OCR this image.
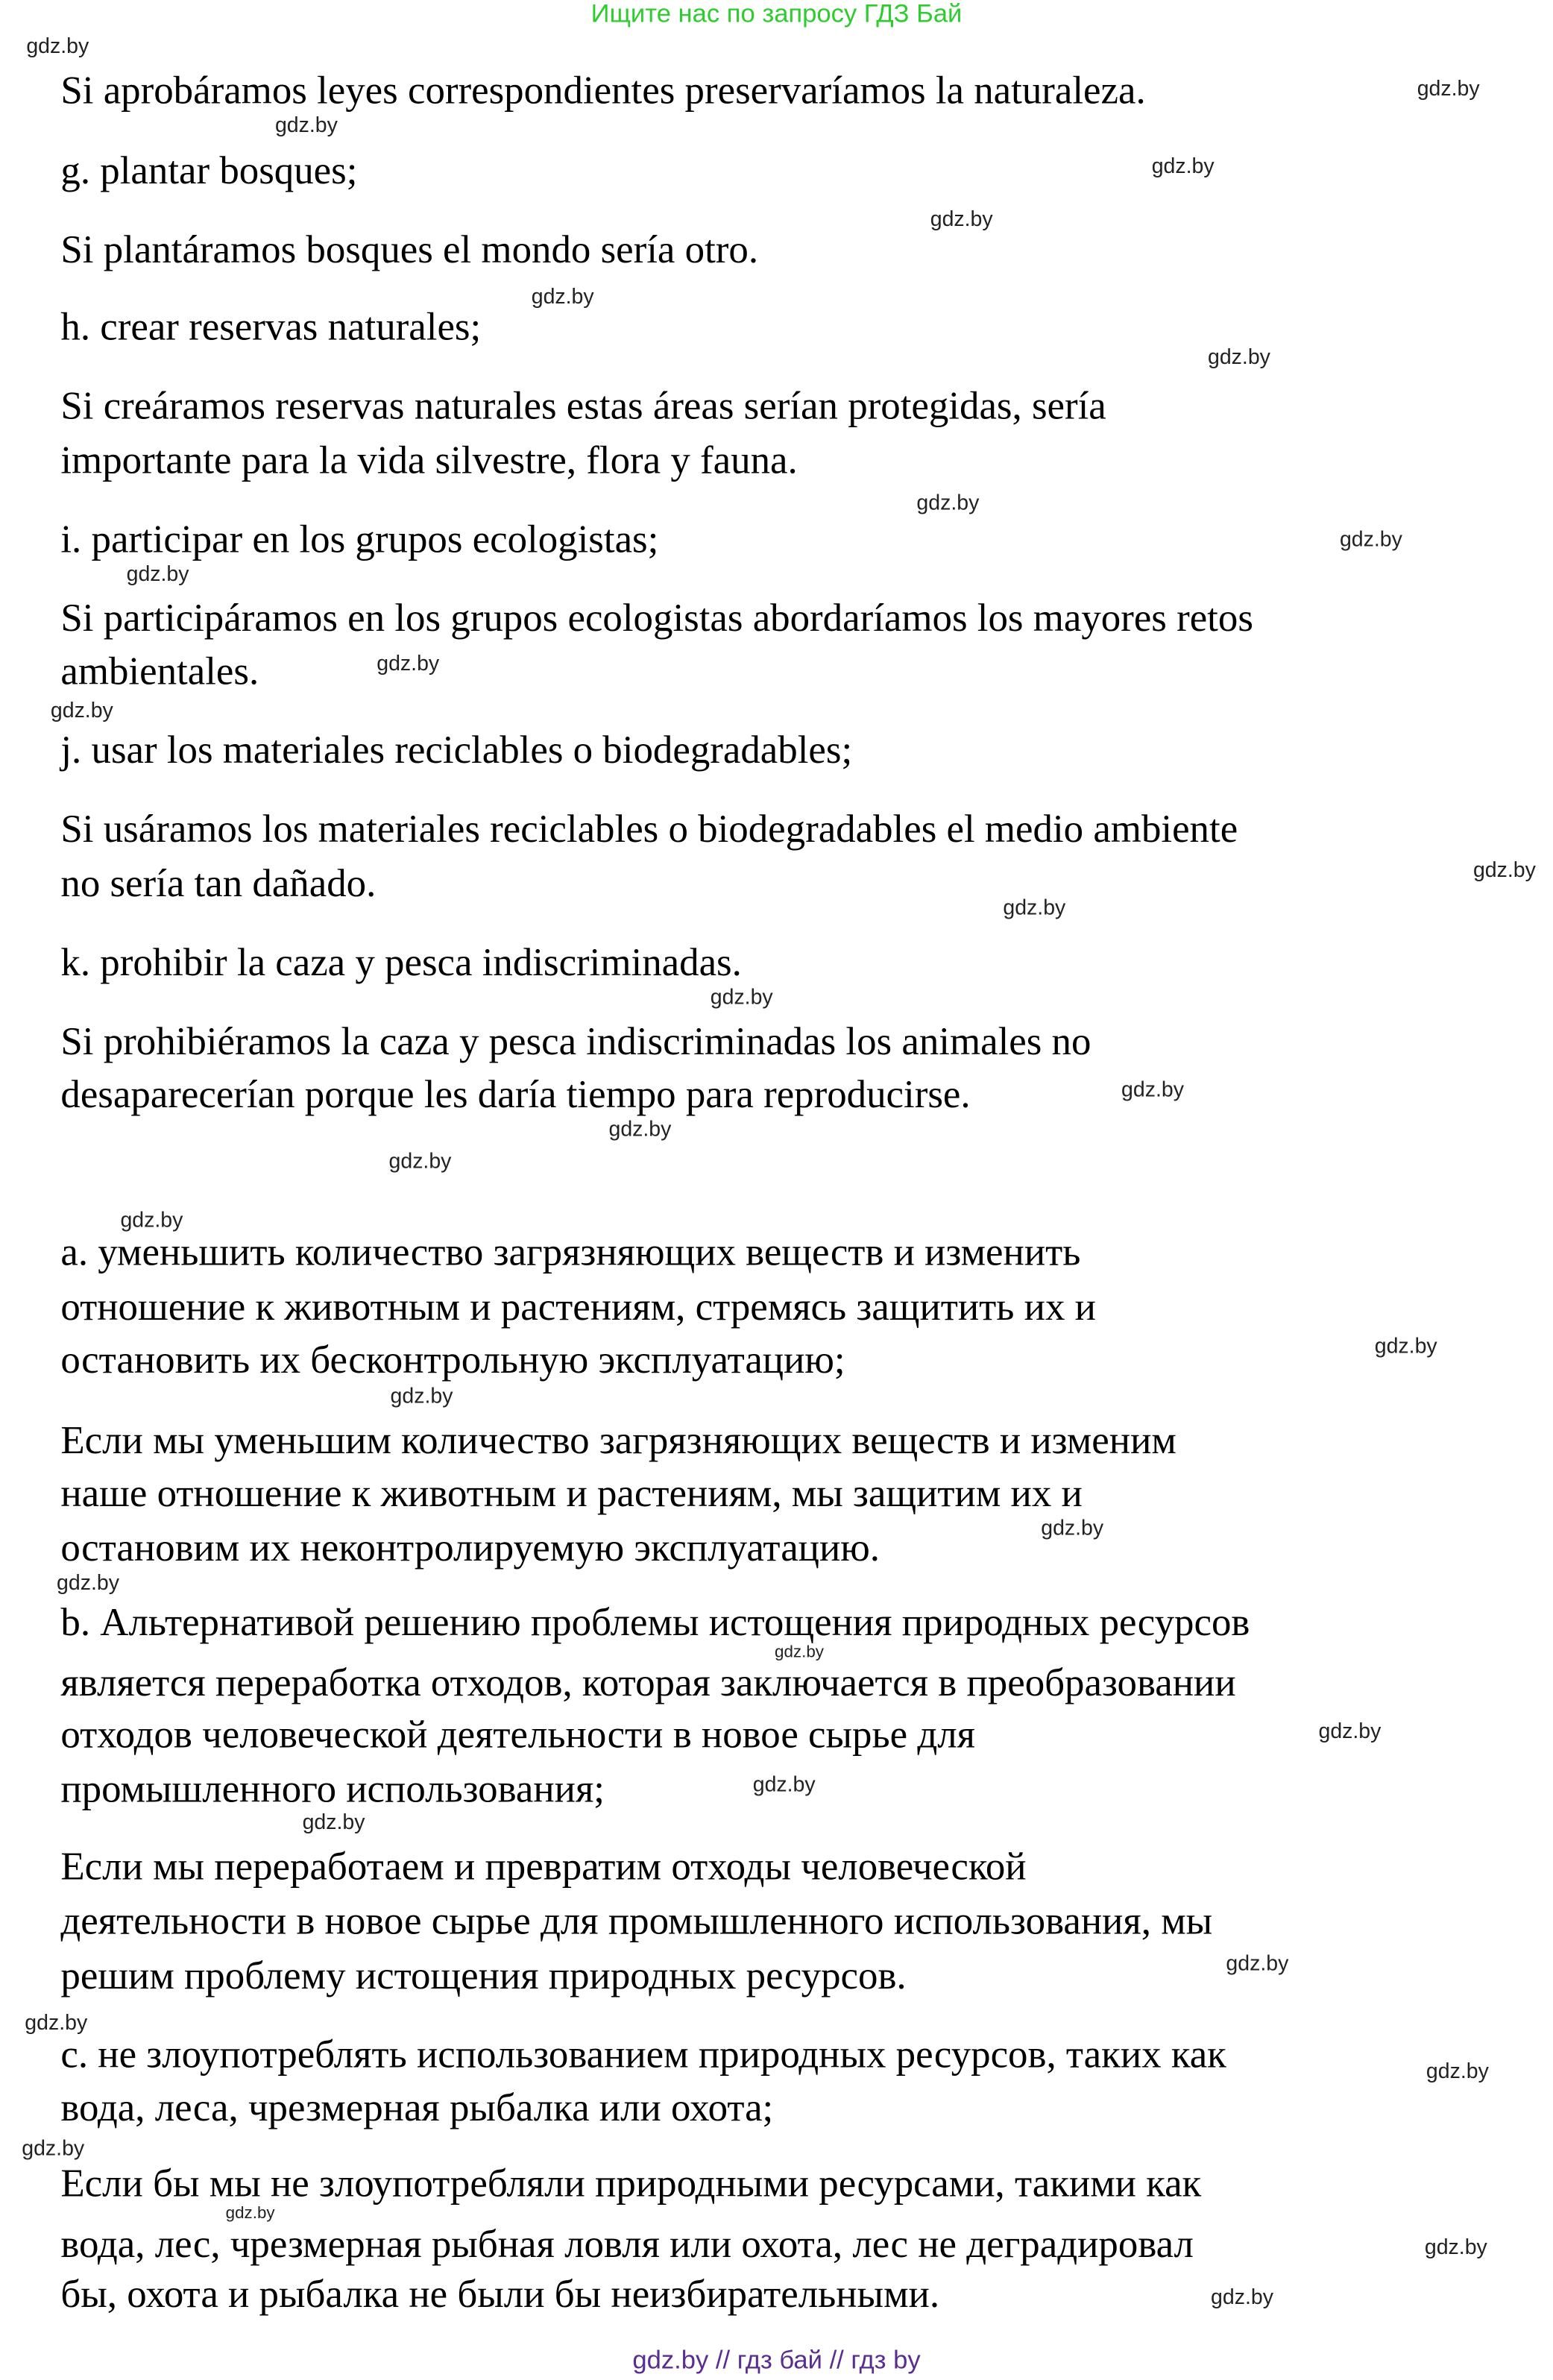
Ищите нас по запросу ГДЗ Бай
Si aprobáramos leyes correspondientes preservaríamos la naturaleza.
g. plantar bosques;
Si plantáramos bosques el mondo sería otro.
h. crear reservas naturales;
Si creáramos reservas naturales estas áreas serían protegidas, sería
importante para la vida silvestre, flora y fauna.
i. participar en los grupos ecologistas;
Si participáramos en los grupos ecologistas abordaríamos los mayores retos
ambientales.
j. usar los materiales reciclables o biodegradables;
Si usáramos los materiales reciclables o biodegradables el medio ambiente
no sería tan dañado.
k. prohibir la caza y pesca indiscriminadas.
Si prohibiéramos la caza y pesca indiscriminadas los animales no
desaparecerían porque les daría tiempo para reproducirse.
a. уменьшить количество загрязняющих веществ и изменить
отношение к животным и растениям, стремясь защитить их и
остановить их бесконтрольную эксплуатацию;
Если мы уменьшим количество загрязняющих веществ и изменим
наше отношение к животным и растениям, мы защитим их и
остановим их неконтролируемую эксплуатацию.
b. Альтернативой решению проблемы истощения природных ресурсов
является переработка отходов, которая заключается в преобразовании
отходов человеческой деятельности в новое сырье для
промышленного использования;
Если мы переработаем и превратим отходы человеческой
деятельности в новое сырье для промышленного использования, мы
решим проблему истощения природных ресурсов.
c. не злоупотреблять использованием природных ресурсов, таких как
вода, леса, чрезмерная рыбалка или охота;
Если бы мы не злоупотребляли природными ресурсами, такими как
вода, лес, чрезмерная рыбная ловля или охота, лес не деградировал
бы, охота и рыбалка не были бы неизбирательными.
gdz.by
gdz.by
gdz.by
gdz.by
gdz.by
gdz.by
gdz.by
gdz.by
gdz.by
gdz.by
gdz.by
gdz.by
gdz.by
gdz.by
gdz.by
gdz.by
gdz.by
gdz.by
gdz.by
gdz.by
gdz.by
gdz.by
gdz.by
gdz.by
gdz.by
gdz.by
gdz.by
gdz.by
gdz.by
gdz.by
gdz.by
gdz.by
gdz.by
gdz.by
gdz.by // гдз бай // гдз by
